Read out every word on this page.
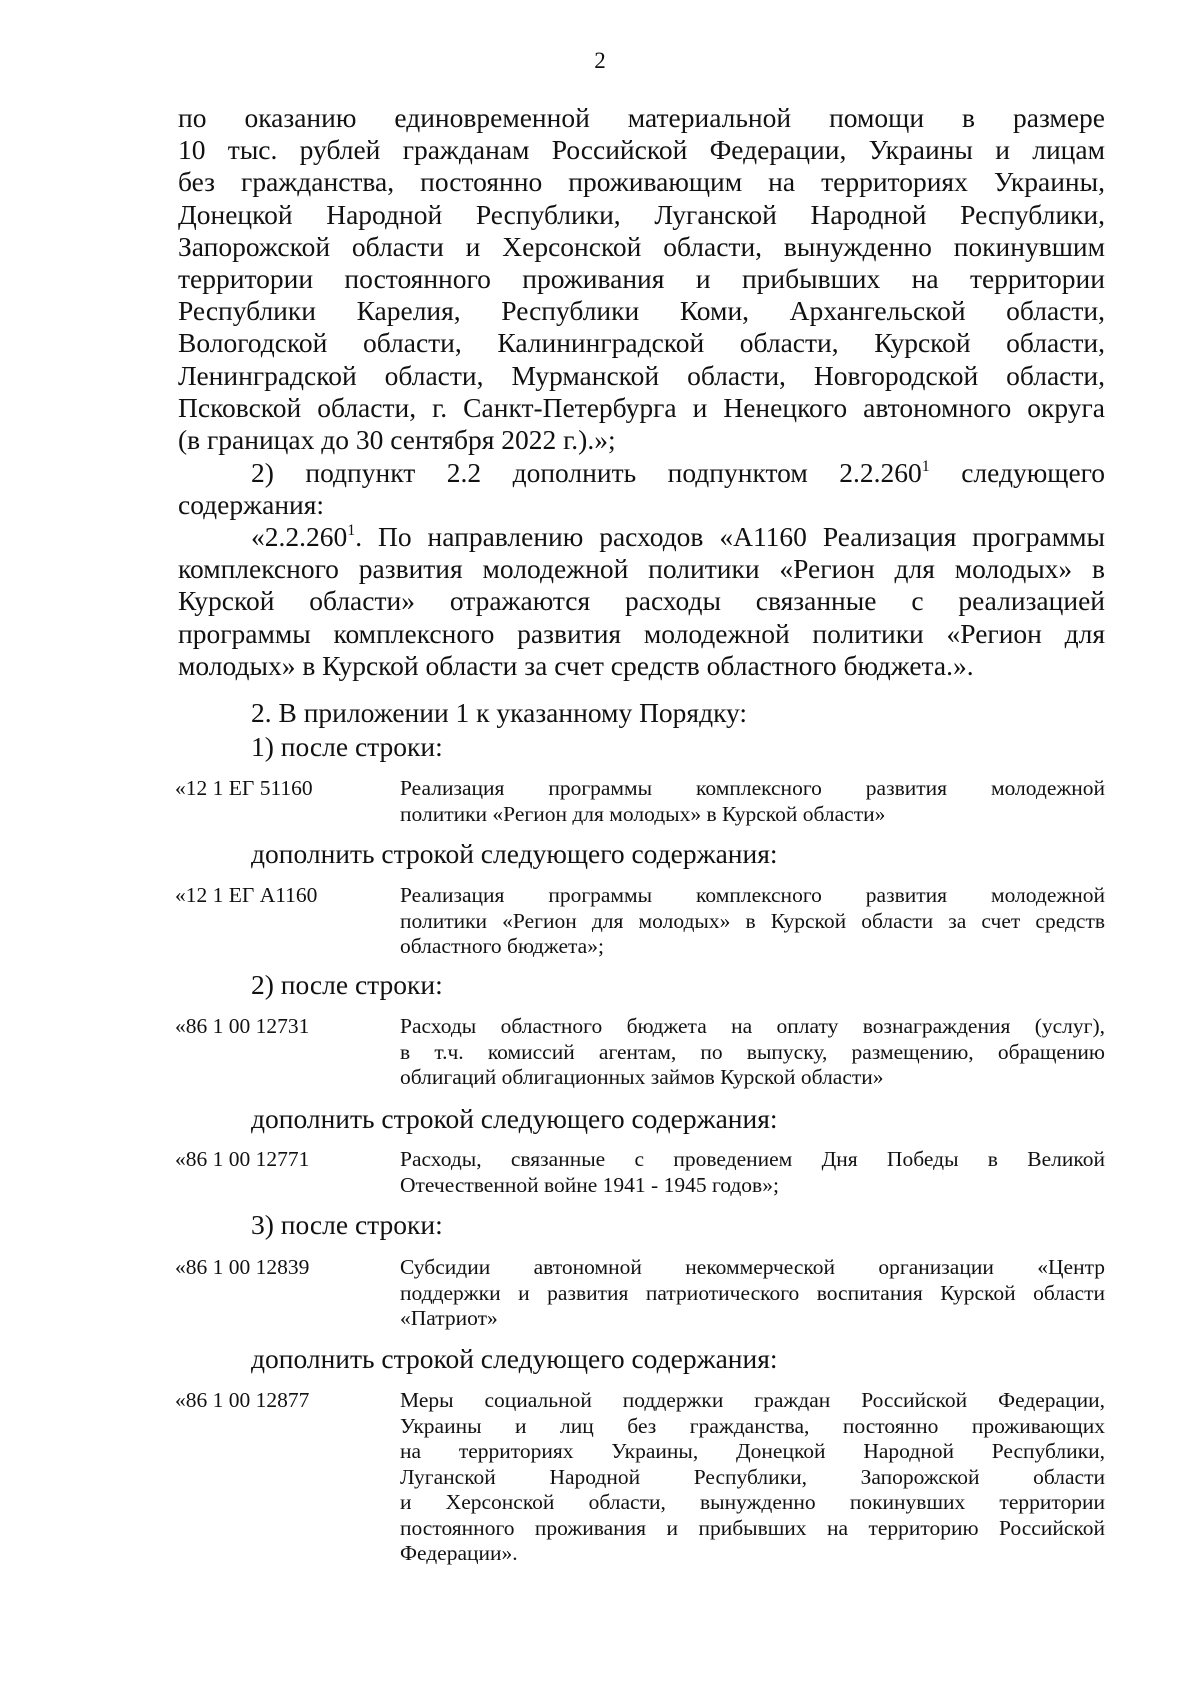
2
по оказанию единовременной материальной помощи в размере
10 тыс. рублей гражданам Российской Федерации, Украины и лицам
без гражданства, постоянно проживающим на территориях Украины,
Донецкой Народной Республики, Луганской Народной Республики,
Запорожской области и Херсонской области, вынужденно покинувшим
территории постоянного проживания и прибывших на территории
Республики Карелия, Республики Коми, Архангельской области,
Вологодской области, Калининградской области, Курской области,
Ленинградской области, Мурманской области, Новгородской области,
Псковской области, г. Санкт-Петербурга и Ненецкого автономного округа
(в границах до 30 сентября 2022 г.).»;
2) подпункт 2.2 дополнить подпунктом 2.2.260$^1$ следующего
содержания:
«2.2.260$^1$. По направлению расходов «А1160 Реализация программы
комплексного развития молодежной политики «Регион для молодых» в
Курской области» отражаются расходы связанные с реализацией
программы комплексного развития молодежной политики «Регион для
молодых» в Курской области за счет средств областного бюджета.».
2. В приложении 1 к указанному Порядку:
1) после строки:
«12 1 ЕГ 51160	Реализация программы комплексного развития молодежной
политики «Регион для молодых» в Курской области»
дополнить строкой следующего содержания:
«12 1 ЕГ А1160	Реализация программы комплексного развития молодежной
политики «Регион для молодых» в Курской области за счет средств
областного бюджета»;
2) после строки:
«86 1 00 12731	Расходы областного бюджета на оплату вознаграждения (услуг),
в т.ч. комиссий агентам, по выпуску, размещению, обращению
облигаций облигационных займов Курской области»
дополнить строкой следующего содержания:
«86 1 00 12771	Расходы, связанные с проведением Дня Победы в Великой
Отечественной войне 1941 - 1945 годов»;
3) после строки:
«86 1 00 12839	Субсидии автономной некоммерческой организации «Центр
поддержки и развития патриотического воспитания Курской области
«Патриот»
дополнить строкой следующего содержания:
«86 1 00 12877	Меры социальной поддержки граждан Российской Федерации,
Украины и лиц без гражданства, постоянно проживающих
на территориях Украины, Донецкой Народной Республики,
Луганской Народной Республики, Запорожской области
и Херсонской области, вынужденно покинувших территории
постоянного проживания и прибывших на территорию Российской
Федерации».
